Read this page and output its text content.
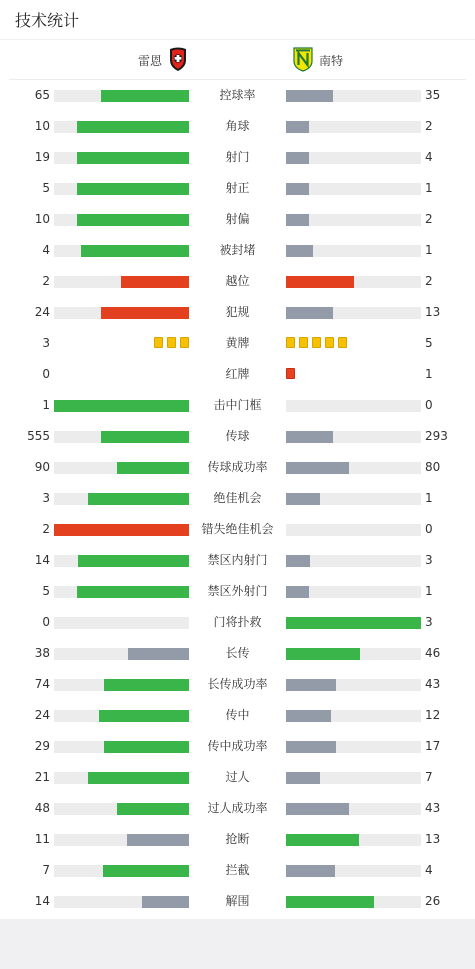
技术统计
雷恩	南特
65	控球率	35
10	角球	2
19	射门	4
5	射正	1
10	射偏	2
4	被封堵	1
2	越位	2
24	犯规	13
3	黄牌	5
0	红牌	1
1	击中门框	0
555	传球	293
90	传球成功率	80
3	绝佳机会	1
2	错失绝佳机会	0
14	禁区内射门	3
5	禁区外射门	1
0	门将扑救	3
38	长传	46
74	长传成功率	43
24	传中	12
29	传中成功率	17
21	过人	7
48	过人成功率	43
11	抢断	13
7	拦截	4
14	解围	26
